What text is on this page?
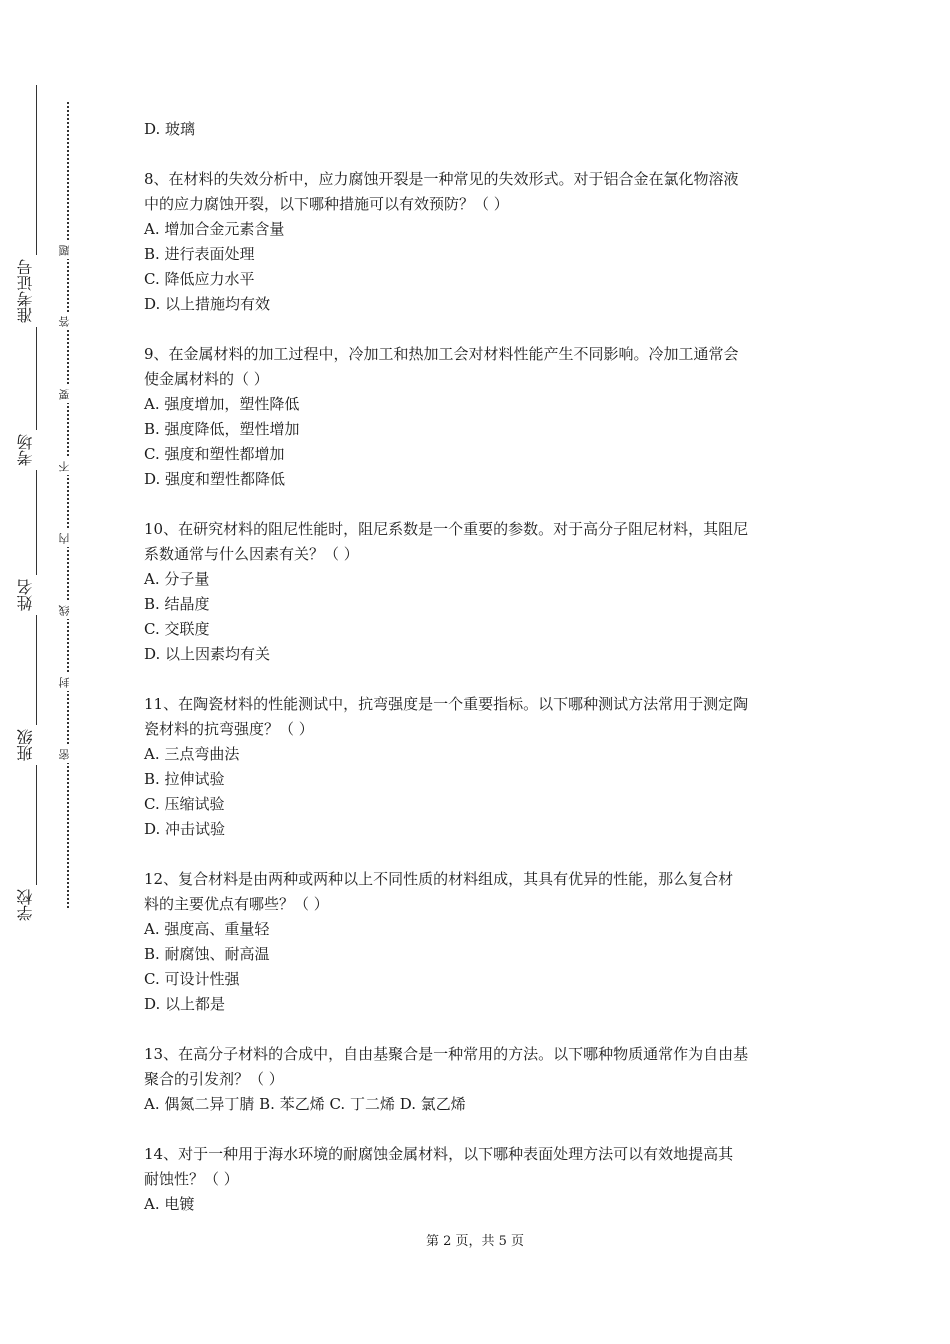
准考证号
考场
姓名
班级
学校
题
答
要
不
内
线
封
密
D. 玻璃
8、在材料的失效分析中，应力腐蚀开裂是一种常见的失效形式。对于铝合金在氯化物溶液
中的应力腐蚀开裂，以下哪种措施可以有效预防？（ ）
A. 增加合金元素含量
B. 进行表面处理
C. 降低应力水平
D. 以上措施均有效
9、在金属材料的加工过程中，冷加工和热加工会对材料性能产生不同影响。冷加工通常会
使金属材料的（ ）
A. 强度增加，塑性降低
B. 强度降低，塑性增加
C. 强度和塑性都增加
D. 强度和塑性都降低
10、在研究材料的阻尼性能时，阻尼系数是一个重要的参数。对于高分子阻尼材料，其阻尼
系数通常与什么因素有关？（ ）
A. 分子量
B. 结晶度
C. 交联度
D. 以上因素均有关
11、在陶瓷材料的性能测试中，抗弯强度是一个重要指标。以下哪种测试方法常用于测定陶
瓷材料的抗弯强度？（ ）
A. 三点弯曲法
B. 拉伸试验
C. 压缩试验
D. 冲击试验
12、复合材料是由两种或两种以上不同性质的材料组成，其具有优异的性能，那么复合材
料的主要优点有哪些？（ ）
A. 强度高、重量轻
B. 耐腐蚀、耐高温
C. 可设计性强
D. 以上都是
13、在高分子材料的合成中，自由基聚合是一种常用的方法。以下哪种物质通常作为自由基
聚合的引发剂？（ ）
A. 偶氮二异丁腈 B. 苯乙烯 C. 丁二烯 D. 氯乙烯
14、对于一种用于海水环境的耐腐蚀金属材料，以下哪种表面处理方法可以有效地提高其
耐蚀性？（ ）
A. 电镀
第 2 页，共 5 页
